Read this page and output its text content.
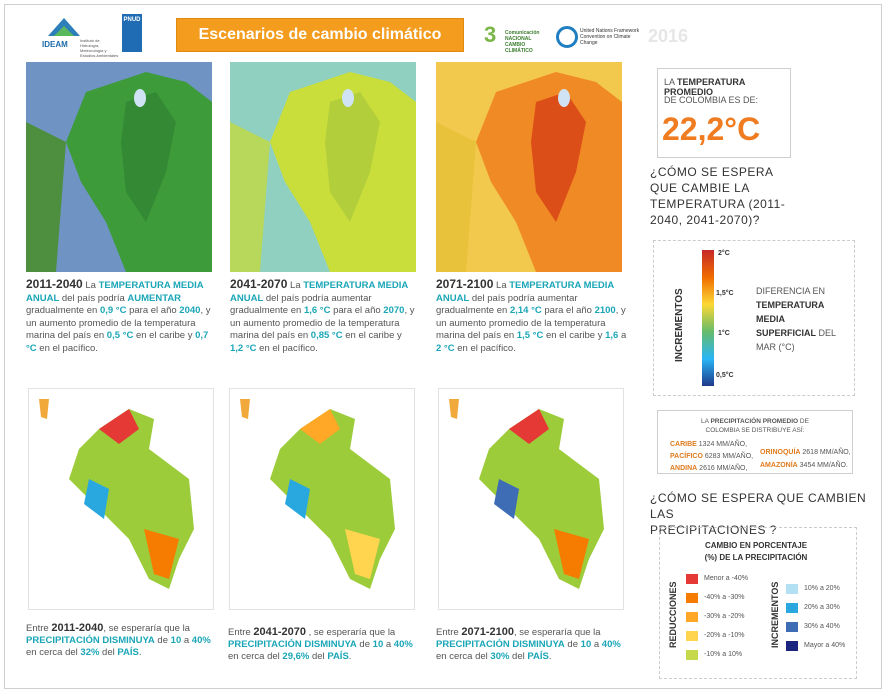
IDEAM	Instituto de Hidrología, Meteorología y Estudios Ambientales
PNUD
Escenarios de cambio climático	3 Comunicación NACIONAL CAMBIO CLIMÁTICO
United Nations Framework Convention on Climate Change	2016
2011-2040 La TEMPERATURA MEDIA ANUAL del país podría AUMENTAR gradualmente en 0,9 °C para el año 2040, y un aumento promedio de la temperatura marina del país en 0,5 °C en el caribe y 0,7 °C en el pacífico.
2041-2070 La TEMPERATURA MEDIA ANUAL del país podría aumentar gradualmente en 1,6 °C para el año 2070, y un aumento promedio de la temperatura marina del país en 0,85 °C en el caribe y 1,2 °C en el pacífico.
2071-2100 La TEMPERATURA MEDIA ANUAL del país podría aumentar gradualmente en 2,14 °C para el año 2100, y un aumento promedio de la temperatura marina del país en 1,5 °C en el caribe y 1,6 a 2 °C en el pacífico.
LA TEMPERATURA PROMEDIO
DE COLOMBIA ES DE:
22,2°C
¿CÓMO SE ESPERA
QUE CAMBIE LA
TEMPERATURA (2011-
2040, 2041-2070)?
INCREMENTOS
2°C
1,5°C
1°C
0,5°C
DIFERENCIA EN
TEMPERATURA MEDIA
SUPERFICIAL DEL
MAR (°C)
LA PRECIPITACIÓN PROMEDIO DE
COLOMBIA SE DISTRIBUYE ASÍ:
CARIBE 1324 MM/AÑO,
PACÍFICO 6283 MM/AÑO,
ANDINA 2616 MM/AÑO,
ORINOQUÍA 2618 MM/AÑO,
AMAZONÍA 3454 MM/AÑO.
¿CÓMO SE ESPERA QUE CAMBIEN LAS
PRECIPITACIONES ?
CAMBIO EN PORCENTAJE
(%) DE LA PRECIPITACIÓN
REDUCCIONES	INCREMENTOS
Menor a -40%
-40% a -30%
-30% a -20%
-20% a -10%
-10% a 10%
10% a 20%
20% a 30%
30% a 40%
Mayor a 40%
Entre 2011-2040, se esperaría que la PRECIPITACIÓN DISMINUYA de 10 a 40% en cerca del 32% del PAÍS.
Entre 2041-2070 , se esperaría que la PRECIPITACIÓN DISMINUYA de 10 a 40% en cerca del 29,6% del PAÍS.
Entre 2071-2100, se esperaría que la PRECIPITACIÓN DISMINUYA de 10 a 40% en cerca del 30% del PAÍS.
